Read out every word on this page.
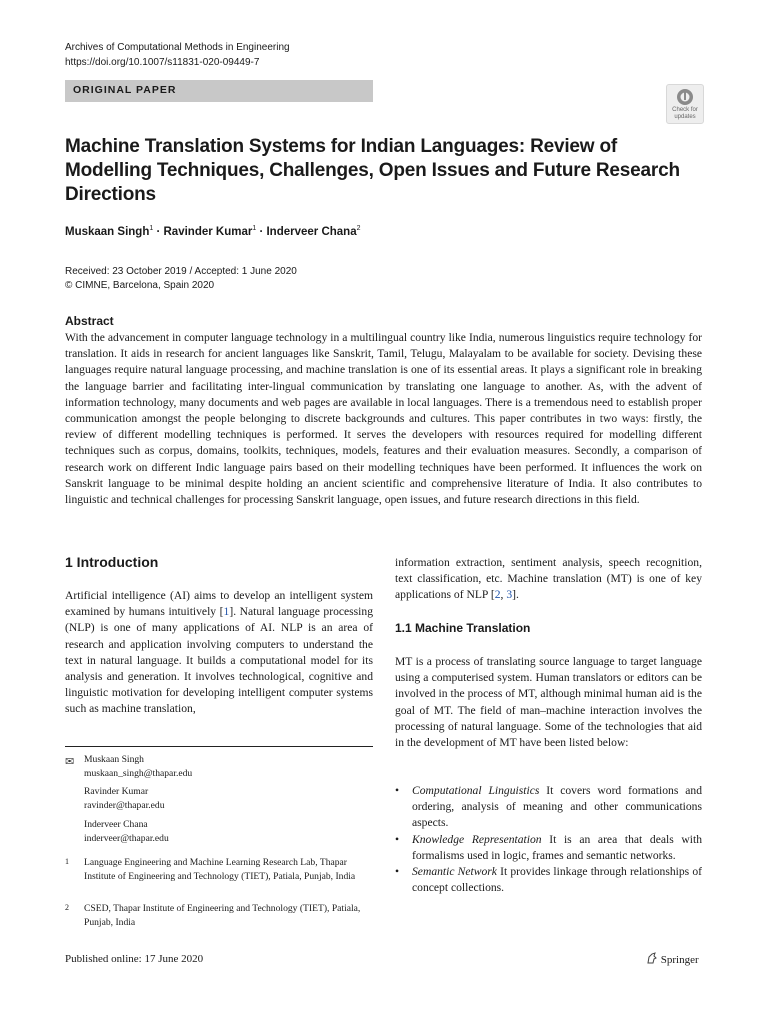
Archives of Computational Methods in Engineering
https://doi.org/10.1007/s11831-020-09449-7
ORIGINAL PAPER
Check for
updates
Machine Translation Systems for Indian Languages: Review of Modelling Techniques, Challenges, Open Issues and Future Research Directions
Muskaan Singh$^1$ · Ravinder Kumar$^1$ · Inderveer Chana$^2$
Received: 23 October 2019 / Accepted: 1 June 2020
© CIMNE, Barcelona, Spain 2020
Abstract
With the advancement in computer language technology in a multilingual country like India, numerous linguistics require technology for translation. It aids in research for ancient languages like Sanskrit, Tamil, Telugu, Malayalam to be available for society. Devising these languages require natural language processing, and machine translation is one of its essential areas. It plays a significant role in breaking the language barrier and facilitating inter-lingual communication by translating one language to another. As, with the advent of information technology, many documents and web pages are available in local languages. There is a tremendous need to establish proper communication amongst the people belonging to discrete backgrounds and cultures. This paper contributes in two ways: firstly, the review of different modelling techniques is performed. It serves the developers with resources required for modelling different techniques such as corpus, domains, toolkits, techniques, models, features and their evaluation measures. Secondly, a comparison of research work on different Indic language pairs based on their modelling techniques have been performed. It influences the work on Sanskrit language to be minimal despite holding an ancient scientific and comprehensive literature of India. It also contributes to linguistic and technical challenges for processing Sanskrit language, open issues, and future research directions in this field.
1 Introduction
Artificial intelligence (AI) aims to develop an intelligent system examined by humans intuitively [1]. Natural language processing (NLP) is one of many applications of AI. NLP is an area of research and application involving computers to understand the text in natural language. It builds a computational model for its analysis and generation. It involves technological, cognitive and linguistic motivation for developing intelligent computer systems such as machine translation,
information extraction, sentiment analysis, speech recognition, text classification, etc. Machine translation (MT) is one of key applications of NLP [2, 3].
1.1 Machine Translation
MT is a process of translating source language to target language using a computerised system. Human translators or editors can be involved in the process of MT, although minimal human aid is the goal of MT. The field of man–machine interaction involves the processing of natural language. Some of the technologies that aid in the development of MT have been listed below:
• Computational Linguistics It covers word formations and ordering, analysis of meaning and other communications aspects.
• Knowledge Representation It is an area that deals with formalisms used in logic, frames and semantic networks.
• Semantic Network It provides linkage through relationships of concept collections.
✉ Muskaan Singh
muskaan_singh@thapar.edu
Ravinder Kumar
ravinder@thapar.edu
Inderveer Chana
inderveer@thapar.edu
1 Language Engineering and Machine Learning Research Lab, Thapar Institute of Engineering and Technology (TIET), Patiala, Punjab, India
2 CSED, Thapar Institute of Engineering and Technology (TIET), Patiala, Punjab, India
Published online: 17 June 2020	Springer
